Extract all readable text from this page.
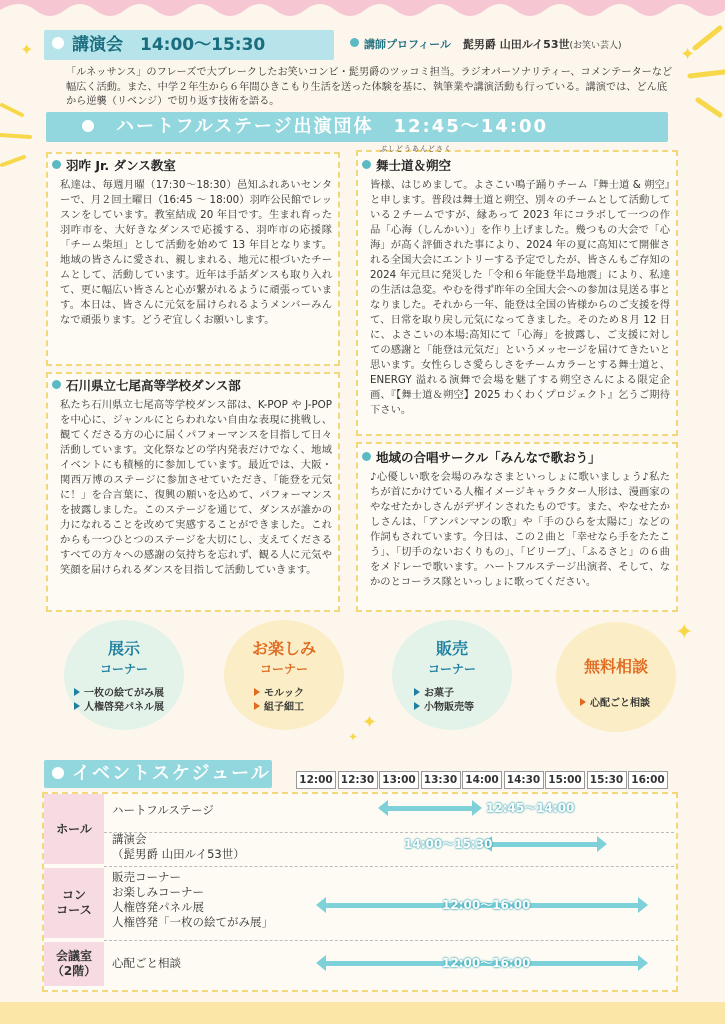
✦
✦
✦
✦
✦
講演会　14:00～15:30	講師プロフィール 髭男爵 山田ルイ53世(お笑い芸人)
「ルネッサンス」のフレーズで大ブレークしたお笑いコンビ・髭男爵のツッコミ担当。ラジオパーソナリティー、コメンテーターなど幅広く活動。また、中学２年生から６年間ひきこもり生活を送った体験を基に、執筆業や講演活動も行っている。講演では、どん底から逆襲（リベンジ）で切り返す技術を語る。
ハートフルステージ出演団体　12:45～14:00
羽咋 Jr. ダンス教室
私達は、毎週月曜（17:30～18:30）邑知ふれあいセンターで、月２回土曜日（16:45 ～ 18:00）羽咋公民館でレッスンをしています。教室結成 20 年目です。生まれ育った羽咋市を、大好きなダンスで応援する、羽咋市の応援隊「チーム柴垣」として活動を始めて 13 年目となります。地域の皆さんに愛され、親しまれる、地元に根づいたチームとして、活動しています。近年は手話ダンスも取り入れて、更に幅広い皆さんと心が繋がれるように頑張っています。本日は、皆さんに元気を届けられるようメンバーみんなで頑張ります。どうぞ宜しくお願いします。
石川県立七尾高等学校ダンス部
私たち石川県立七尾高等学校ダンス部は、K-POP や J-POP を中心に、ジャンルにとらわれない自由な表現に挑戦し、観てくださる方の心に届くパフォーマンスを目指して日々活動しています。文化祭などの学内発表だけでなく、地域イベントにも積極的に参加しています。最近では、大阪・関西万博のステージに参加させていただき、「能登を元気に！」を合言葉に、復興の願いを込めて、パフォーマンスを披露しました。このステージを通じて、ダンスが誰かの力になれることを改めて実感することができました。これからも一つひとつのステージを大切にし、支えてくださるすべての方々への感謝の気持ちを忘れず、観る人に元気や笑顔を届けられるダンスを目指して活動していきます。
ぶしどうあんどさく
舞士道＆朔空
皆様、はじめまして。よさこい鳴子踊りチーム『舞士道 & 朔空』と申します。普段は舞士道と朔空、別々のチームとして活動している２チームですが、縁あって 2023 年にコラボして一つの作品「心海（しんかい）」を作り上げました。幾つもの大会で「心海」が高く評価された事により、2024 年の夏に高知にて開催される全国大会にエントリーする予定でしたが、皆さんもご存知の 2024 年元旦に発災した「令和６年能登半島地震」により、私達の生活は急変。やむを得ず昨年の全国大会への参加は見送る事となりました。それから一年、能登は全国の皆様からのご支援を得て、日常を取り戻し元気になってきました。そのため８月 12 日に、よさこいの本場:高知にて「心海」を披露し、ご支援に対しての感謝と「能登は元気だ」というメッセージを届けてきたいと思います。女性らしさ愛らしさをチームカラーとする舞士道と、ENERGY 溢れる演舞で会場を魅了する朔空さんによる限定企画、『【舞士道＆朔空】2025 わくわくプロジェクト』乞うご期待下さい。
地域の合唱サークル「みんなで歌おう」
♪心優しい歌を会場のみなさまといっしょに歌いましょう♪私たちが首にかけている人権イメージキャラクター人形は、漫画家のやなせたかしさんがデザインされたものです。また、やなせたかしさんは、「アンパンマンの歌」や「手のひらを太陽に」などの作詞もされています。今日は、この２曲と「幸せなら手をたたこう」、「切手のないおくりもの」、「ビリーブ」、「ふるさと」の６曲をメドレーで歌います。ハートフルステージ出演者、そして、なかのとコーラス隊といっしょに歌ってください。
展示
コーナー
一枚の絵てがみ展
人権啓発パネル展
お楽しみ
コーナー
モルック
組子細工
販売
コーナー
お菓子
小物販売等
無料相談
心配ごと相談
イベントスケジュール	12:00 12:30 13:00 13:30 14:00 14:30 15:00 15:30 16:00
ホール
コン
コース
会議室
（2階）
ハートフルステージ
講演会
（髭男爵 山田ルイ53世）
販売コーナー
お楽しみコーナー
人権啓発パネル展
人権啓発「一枚の絵てがみ展」
心配ごと相談
12:45～14:00
14:00～15:30
12:00～16:00
12:00～16:00
